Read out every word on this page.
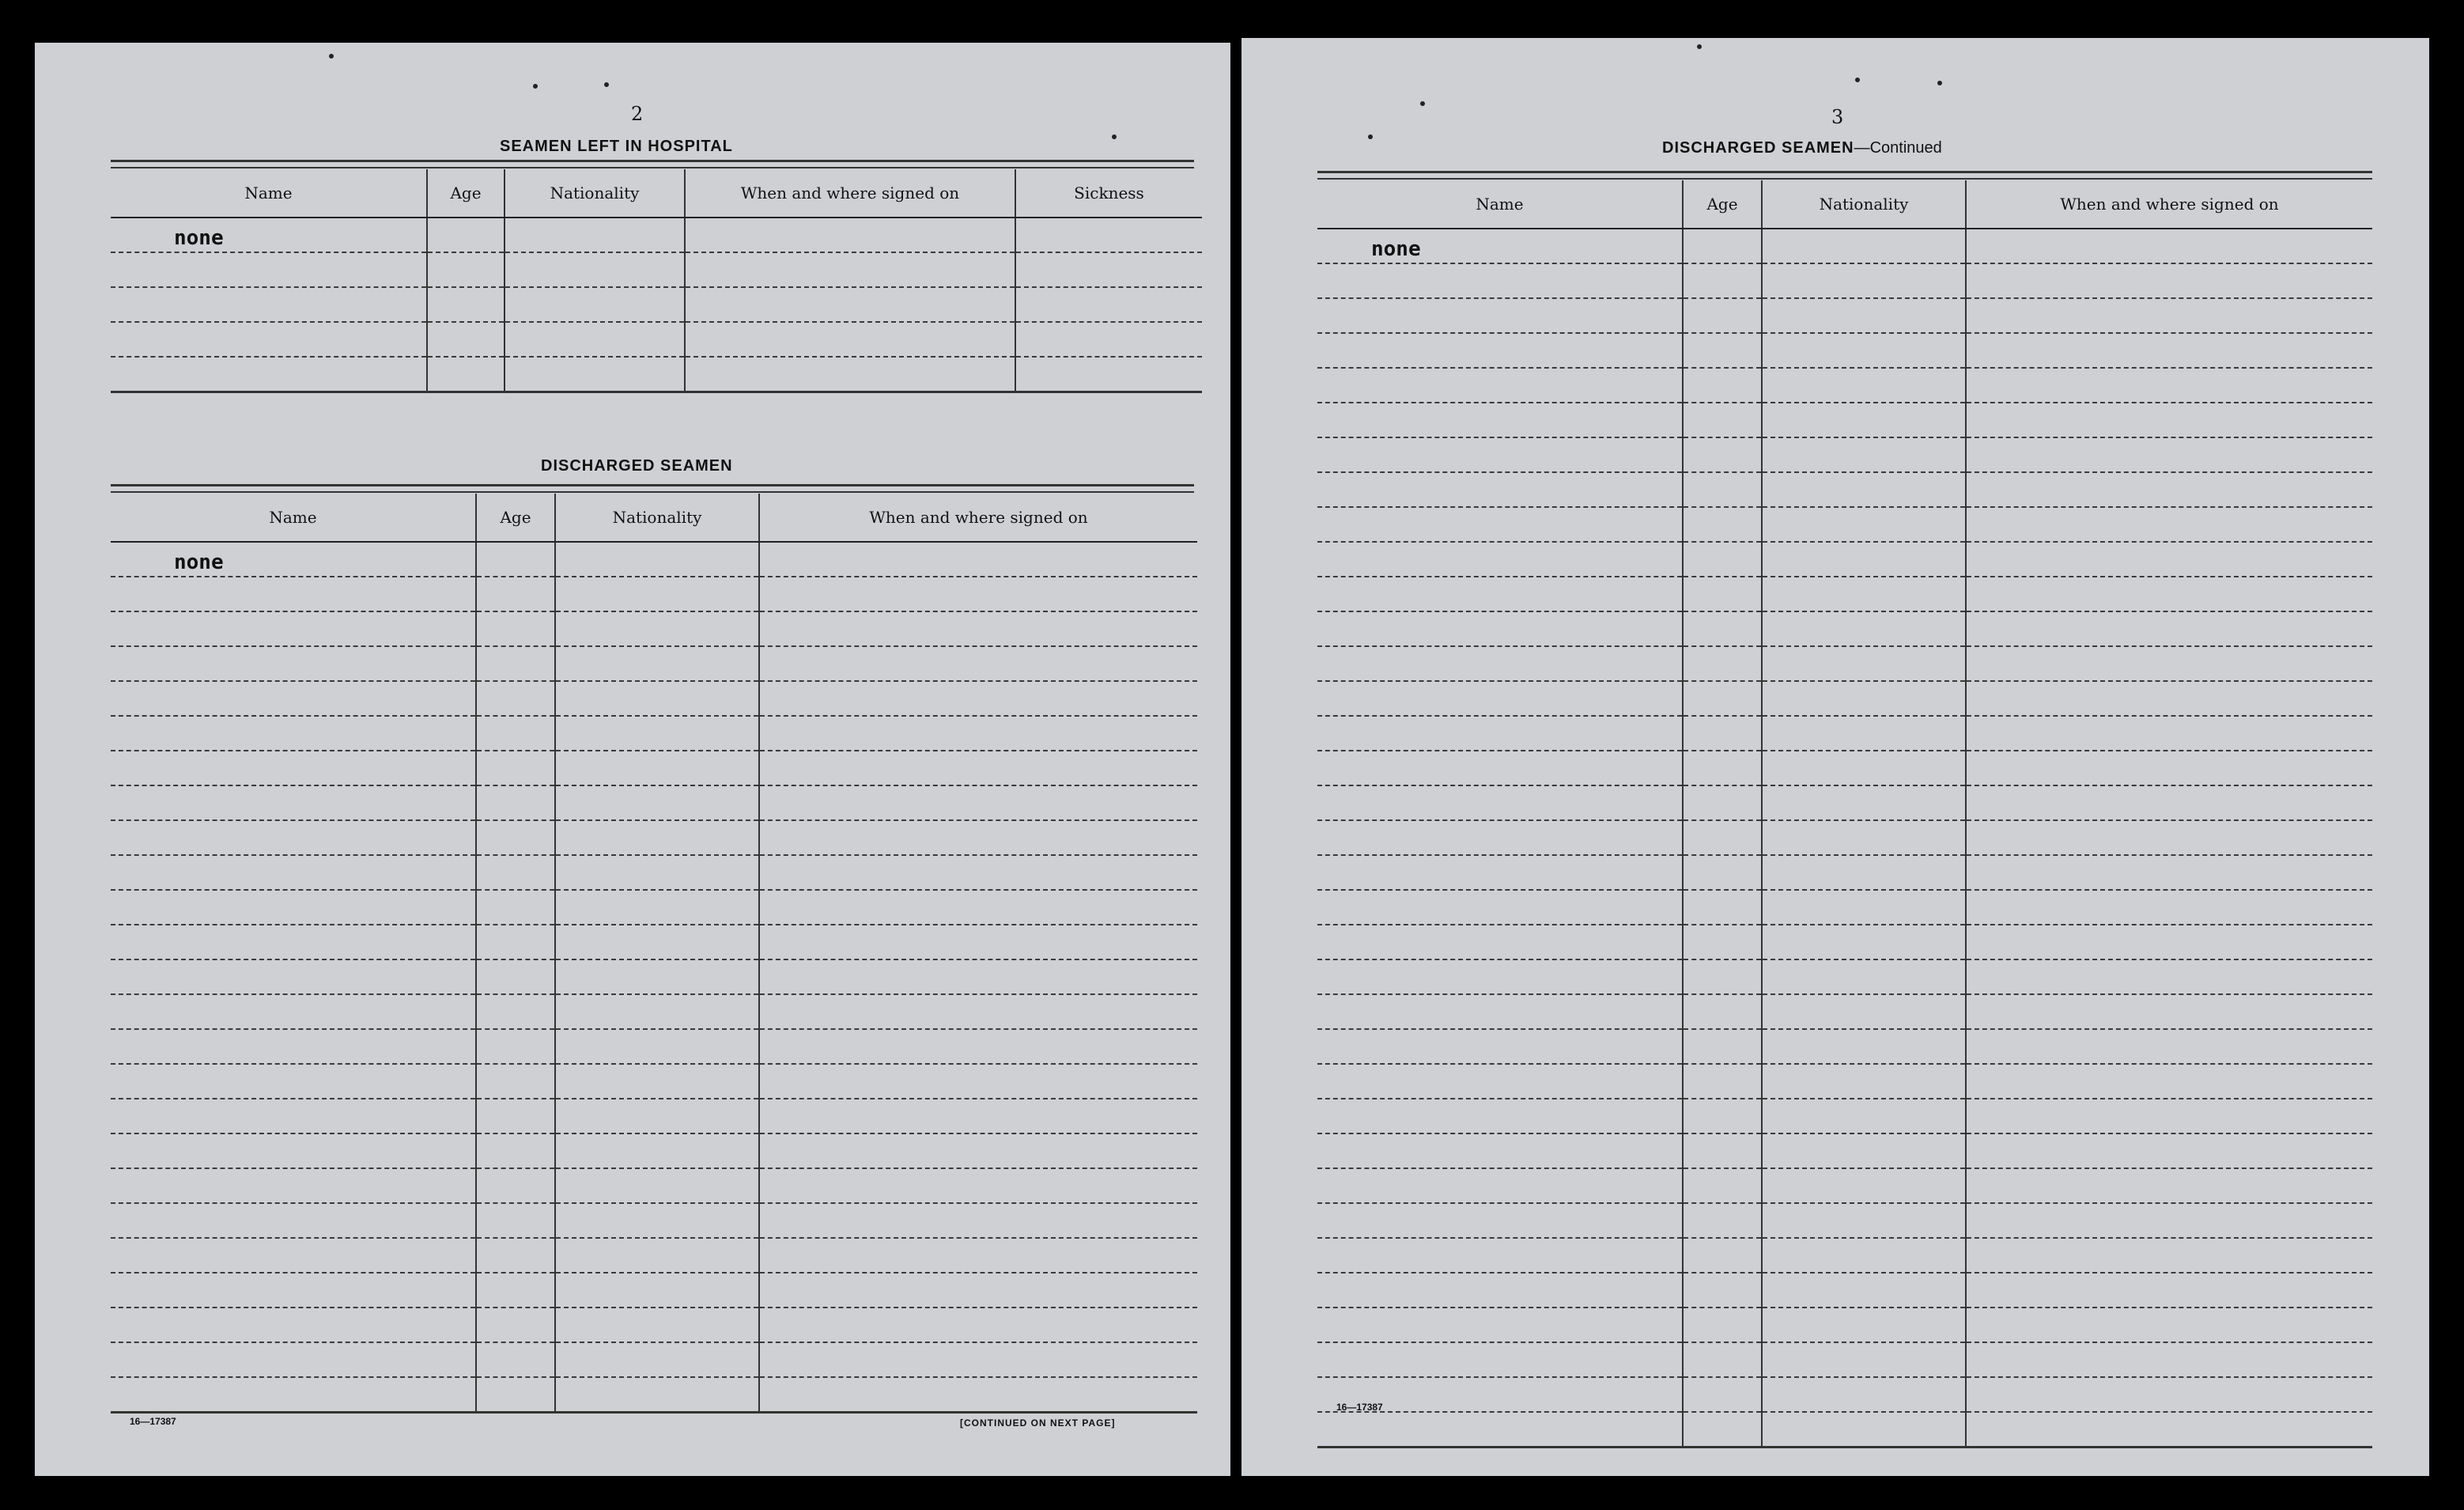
2
SEAMEN LEFT IN HOSPITAL
Name	Age	Nationality	When and where signed on	Sickness

none				

DISCHARGED SEAMEN
Name	Age	Nationality	When and where signed on

none			

16—17387	[CONTINUED ON NEXT PAGE]
3
DISCHARGED SEAMEN—Continued
Name	Age	Nationality	When and where signed on

none			

16—17387
